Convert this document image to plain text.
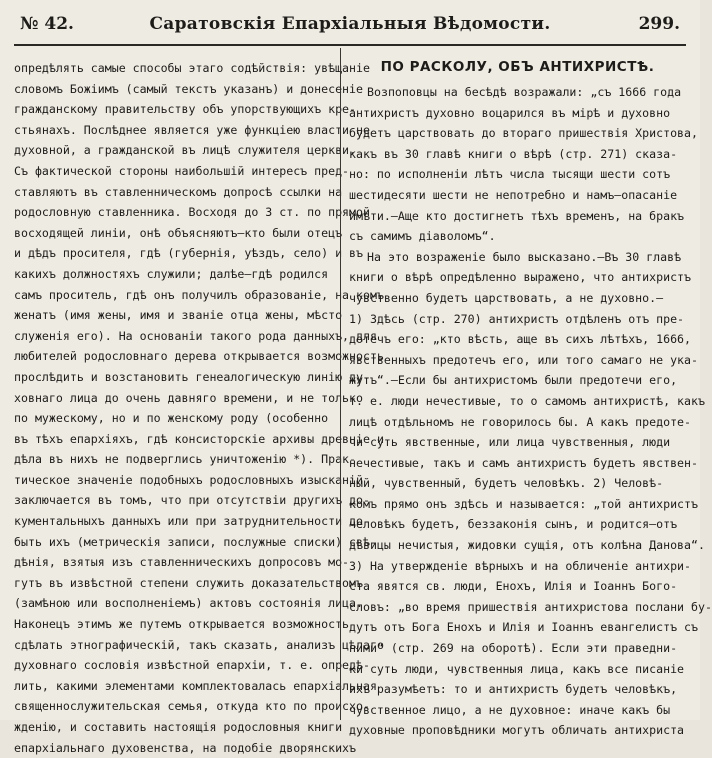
№ 42.	Саратовскія Епархіальныя Вѣдомости.	299.
опредѣлять самые способы этаго содѣйствія: увѣщаніе
словомъ Божіимъ (самый текстъ указанъ) и донесеніе
гражданскому правительству объ упорствующихъ кре-
стьянахъ. Послѣднее является уже функціею власти не
духовной, а гражданской въ лицѣ служителя церкви.
Съ фактической стороны наибольшій интересъ пред-
ставляютъ въ ставленническомъ допросѣ ссылки на
родословную ставленника. Восходя до 3 ст. по прямой
восходящей линіи, онѣ объясняютъ—кто были отецъ
и дѣдъ просителя, гдѣ (губернія, уѣздъ, село) и въ
какихъ должностяхъ служили; далѣе—гдѣ родился
самъ проситель, гдѣ онъ получилъ образованіе, на комъ
женатъ (имя жены, имя и званіе отца жены, мѣсто
служенія его). На основаніи такого рода данныхъ, для
любителей родословнаго дерева открывается возможность
прослѣдить и возстановить генеалогическую линію ду-
ховнаго лица до очень давняго времени, и не только
по мужескому, но и по женскому роду (особенно
въ тѣхъ епархіяхъ, гдѣ консисторскіе архивы древніе и
дѣла въ нихъ не подверглись уничтоженію *). Прак-
тическое значеніе подобныхъ родословныхъ изысканій
заключается въ томъ, что при отсутствіи другихъ до-
кументальныхъ данныхъ или при затруднительности до-
быть ихъ (метрическія записи, послужные списки) свѣ-
дѣнія, взятыя изъ ставленническихъ допросовъ мо-
гутъ въ извѣстной степени служить доказательствомъ
(замѣною или восполненіемъ) актовъ состоянія лица.
Наконецъ этимъ же путемъ открывается возможность
сдѣлать этнографическій, такъ сказать, анализъ цѣлаго
духовнаго сословія извѣстной епархіи, т. е. опредѣ-
лить, какими элементами комплектовалась епархіальная
священнослужительская семья, откуда кто по происхо-
жденію, и составить настоящія родословныя книги
епархіальнаго духовенства, на подобіе дворянскихъ
ПО РАСКОЛУ, ОБЪ АНТИХРИСТѢ.
Возпоповцы на бесѣдѣ возражали: „съ 1666 года
антихристъ духовно воцарился въ мірѣ и духовно
будетъ царствовать до втораго пришествія Христова,
какъ въ 30 главѣ книги о вѣрѣ (стр. 271) сказа-
но: по исполненіи лѣтъ числа тысящи шести сотъ
шестидесяти шести не непотребно и намъ—опасаніе
имѣти.—Аще кто достигнетъ тѣхъ временъ, на бракъ
съ самимъ діаволомъ“.
На это возраженіе было высказано.—Въ 30 главѣ
книги о вѣрѣ опредѣленно выражено, что антихристъ
чувственно будетъ царствовать, а не духовно.—
1) Здѣсь (стр. 270) антихристъ отдѣленъ отъ пре-
дотечъ его: „кто вѣсть, аще въ сихъ лѣтѣхъ, 1666,
явственныхъ предотечъ его, или того самаго не ука-
жутъ“.—Если бы антихристомъ были предотечи его,
т. е. люди нечестивые, то о самомъ антихристѣ, какъ
лицѣ отдѣльномъ не говорилось бы. А какъ предоте-
чи суть явственные, или лица чувственныя, люди
нечестивые, такъ и самъ антихристъ будетъ явствен-
ный, чувственный, будетъ человѣкъ. 2) Человѣ-
комъ прямо онъ здѣсь и называется: „той антихристъ
человѣкъ будетъ, беззаконія сынъ, и родится—отъ
дѣвицы нечистыя, жидовки сущія, отъ колѣна Данова“.
3) На утвержденіе вѣрныхъ и на обличеніе антихри-
ста явятся св. люди, Енохъ, Илія и Іоаннъ Бого-
словъ: „во время пришествія антихристова послани бу-
дутъ отъ Бога Енохъ и Илія и Іоаннъ евангелистъ съ
ними“ (стр. 269 на оборотѣ). Если эти праведни-
ки суть люди, чувственныя лица, какъ все писаніе
ихъ разумѣетъ: то и антихристъ будетъ человѣкъ,
чувственное лицо, а не духовное: иначе какъ бы
духовные проповѣдники могутъ обличать антихриста
